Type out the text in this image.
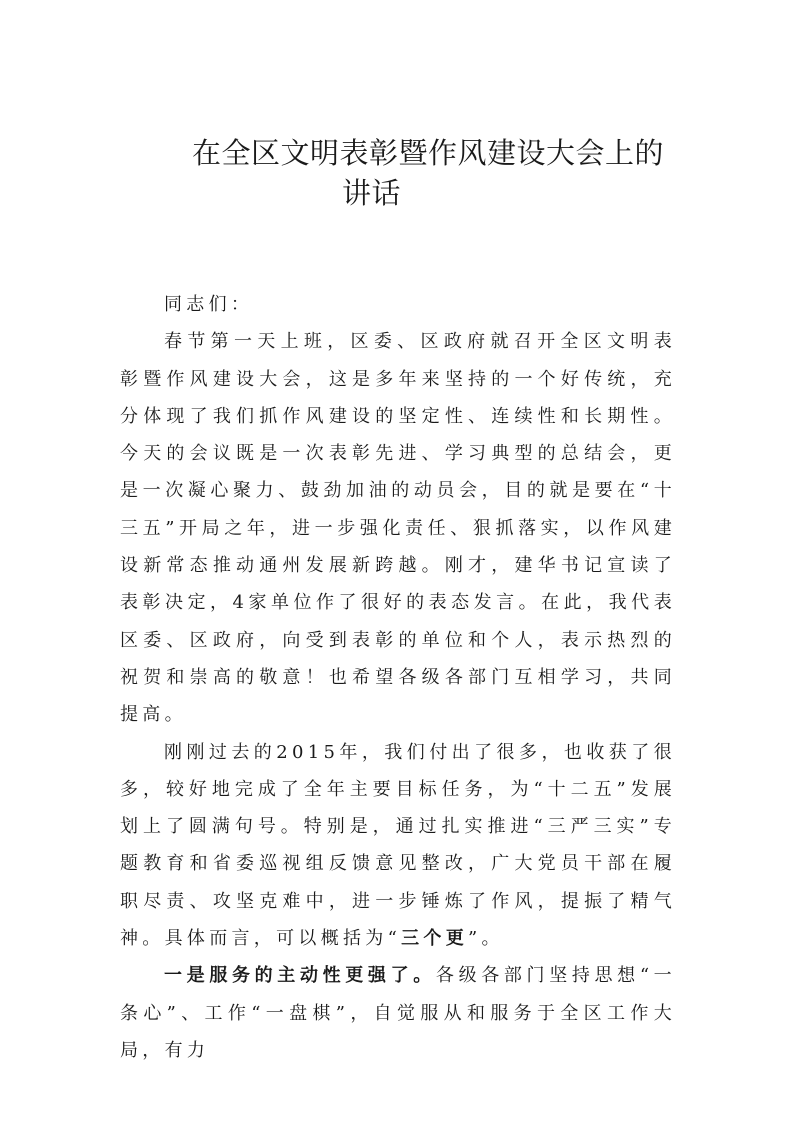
在全区文明表彰暨作风建设大会上的
讲话

同志们：

春节第一天上班，区委、区政府就召开全区文明表彰暨作风建设大会，这是多年来坚持的一个好传统，充分体现了我们抓作风建设的坚定性、连续性和长期性。今天的会议既是一次表彰先进、学习典型的总结会，更是一次凝心聚力、鼓劲加油的动员会，目的就是要在“十三五”开局之年，进一步强化责任、狠抓落实，以作风建设新常态推动通州发展新跨越。刚才，建华书记宣读了表彰决定，4家单位作了很好的表态发言。在此，我代表区委、区政府，向受到表彰的单位和个人，表示热烈的祝贺和崇高的敬意！也希望各级各部门互相学习，共同提高。

刚刚过去的2015年，我们付出了很多，也收获了很多，较好地完成了全年主要目标任务，为“十二五”发展划上了圆满句号。特别是，通过扎实推进“三严三实”专题教育和省委巡视组反馈意见整改，广大党员干部在履职尽责、攻坚克难中，进一步锤炼了作风，提振了精气神。具体而言，可以概括为“三个更”。

一是服务的主动性更强了。各级各部门坚持思想“一条心”、工作“一盘棋”，自觉服从和服务于全区工作大局，有力
